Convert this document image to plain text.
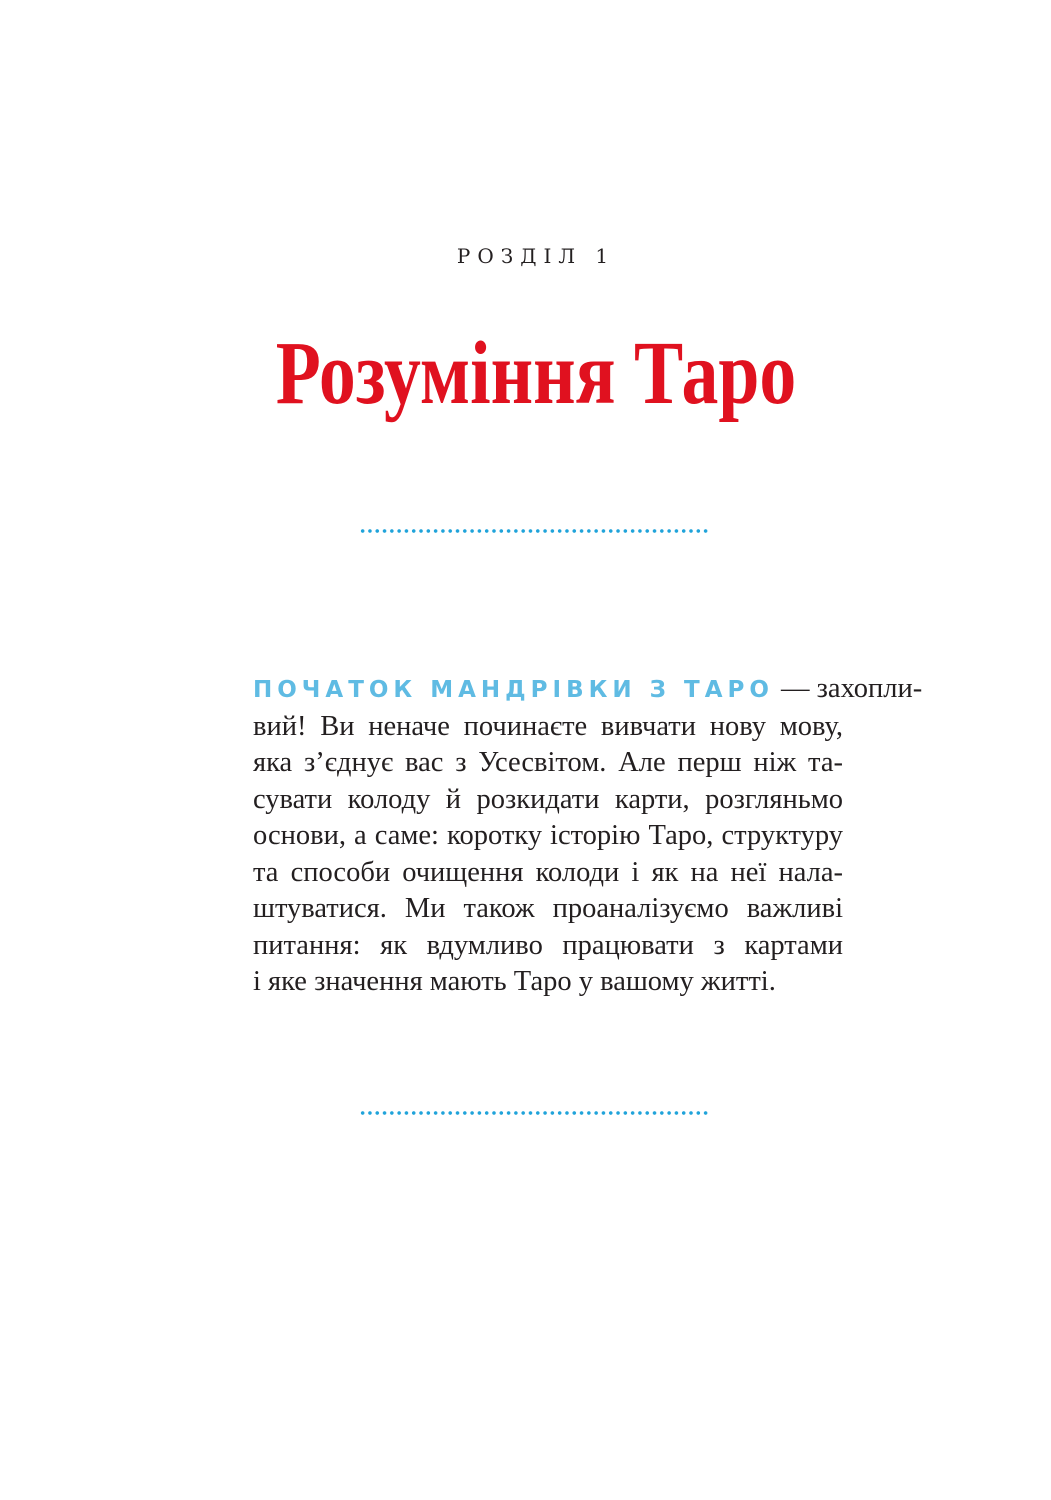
РОЗДІЛ 1
Розуміння Таро
ПОЧАТОК МАНДРІВКИ З ТАРО — захопли-
вий! Ви неначе починаєте вивчати нову мову,
яка з’єднує вас з Усесвітом. Але перш ніж та-
сувати колоду й розкидати карти, розгляньмо
основи, а саме: коротку історію Таро, структуру
та способи очищення колоди і як на неї нала-
штуватися. Ми також проаналізуємо важливі
питання: як вдумливо працювати з картами
і яке значення мають Таро у вашому житті.
